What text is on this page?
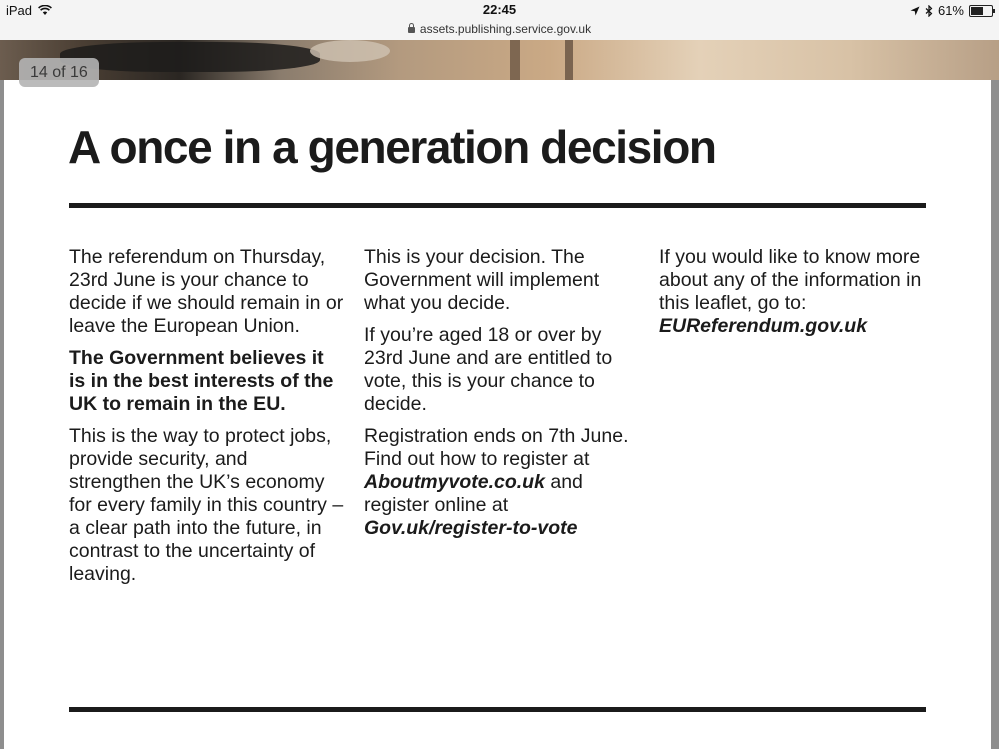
iPad	22:45	61%
assets.publishing.service.gov.uk
A once in a generation decision

The referendum on Thursday, 23rd June is your chance to decide if we should remain in or leave the European Union.

The Government believes it is in the best interests of the UK to remain in the EU.

This is the way to protect jobs, provide security, and strengthen the UK’s economy for every family in this country – a clear path into the future, in contrast to the uncertainty of leaving.

This is your decision. The Government will implement what you decide.

If you’re aged 18 or over by 23rd June and are entitled to vote, this is your chance to decide.

Registration ends on 7th June. Find out how to register at Aboutmyvote.co.uk and register online at Gov.uk/register-to-vote

If you would like to know more about any of the information in this leaflet, go to: EUReferendum.gov.uk

14 of 16
